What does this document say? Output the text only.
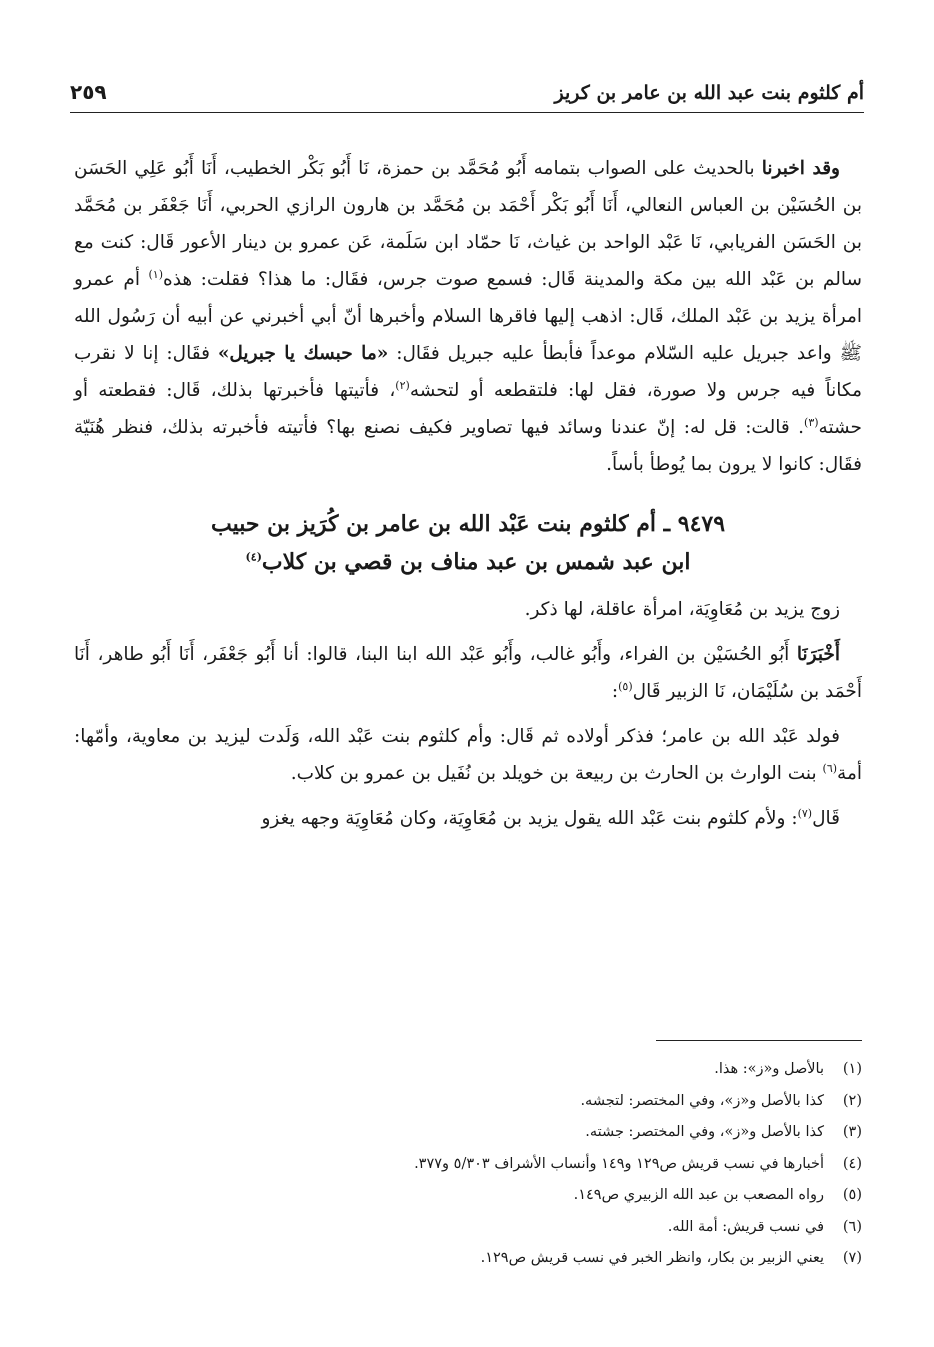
أم كلثوم بنت عبد الله بن عامر بن كريز
٢٥٩

وقد اخبرنا بالحديث على الصواب بتمامه أَبُو مُحَمَّد بن حمزة، نَا أَبُو بَكْر الخطيب، أَنَا أَبُو عَلِي الحَسَن بن الحُسَيْن بن العباس النعالي، أَنَا أَبُو بَكْر أَحْمَد بن مُحَمَّد بن هارون الرازي الحربي، أَنَا جَعْفَر بن مُحَمَّد بن الحَسَن الفريابي، نَا عَبْد الواحد بن غياث، نَا حمّاد ابن سَلَمة، عَن عمرو بن دينار الأعور قَال: كنت مع سالم بن عَبْد الله بين مكة والمدينة قَال: فسمع صوت جرس، فقَال: ما هذا؟ فقلت: هذه$^{(١)}$ أم عمرو امرأة يزيد بن عَبْد الملك، قَال: اذهب إليها فاقرها السلام وأخبرها أنّ أبي أخبرني عن أبيه أن رَسُول الله ﷺ واعد جبريل عليه السّلام موعداً فأبطأ عليه جبريل فقَال: «ما حبسك يا جبريل» فقَال: إنا لا نقرب مكاناً فيه جرس ولا صورة، فقل لها: فلتقطعه أو لتحشه$^{(٢)}$، فأتيتها فأخبرتها بذلك، قَال: فقطعته أو حشته$^{(٣)}$. قالت: قل له: إنّ عندنا وسائد فيها تصاوير فكيف نصنع بها؟ فأتيته فأخبرته بذلك، فنظر هُنَيّة فقَال: كانوا لا يرون بما يُوطأ بأساً.

٩٤٧٩ ـ أم كلثوم بنت عَبْد الله بن عامر بن كُرَيز بن حبيب
ابن عبد شمس بن عبد مناف بن قصي بن كلاب$^{(٤)}$

زوج يزيد بن مُعَاوِيَة، امرأة عاقلة، لها ذكر.

أَخْبَرَنَا أَبُو الحُسَيْن بن الفراء، وأَبُو غالب، وأَبُو عَبْد الله ابنا البنا، قالوا: أنا أَبُو جَعْفَر، أَنَا أَبُو طاهر، أَنَا أَحْمَد بن سُلَيْمَان، نَا الزبير قَال$^{(٥)}$:

فولد عَبْد الله بن عامر؛ فذكر أولاده ثم قَال: وأم كلثوم بنت عَبْد الله، وَلَدت ليزيد بن معاوية، وأمّها: أمة$^{(٦)}$ بنت الوارث بن الحارث بن ربيعة بن خويلد بن نُفَيل بن عمرو بن كلاب.

قَال$^{(٧)}$: ولأم كلثوم بنت عَبْد الله يقول يزيد بن مُعَاوِيَة، وكان مُعَاوِيَة وجهه يغزو

(١)بالأصل و«ز»: هذا.
(٢)كذا بالأصل و«ز»، وفي المختصر: لتجشه.
(٣)كذا بالأصل و«ز»، وفي المختصر: جشته.
(٤)أخبارها في نسب قريش ص١٢٩ و١٤٩ وأنساب الأشراف ٥/٣٠٣ و٣٧٧.
(٥)رواه المصعب بن عبد الله الزبيري ص١٤٩.
(٦)في نسب قريش: أمة الله.
(٧)يعني الزبير بن بكار، وانظر الخبر في نسب قريش ص١٢٩.
